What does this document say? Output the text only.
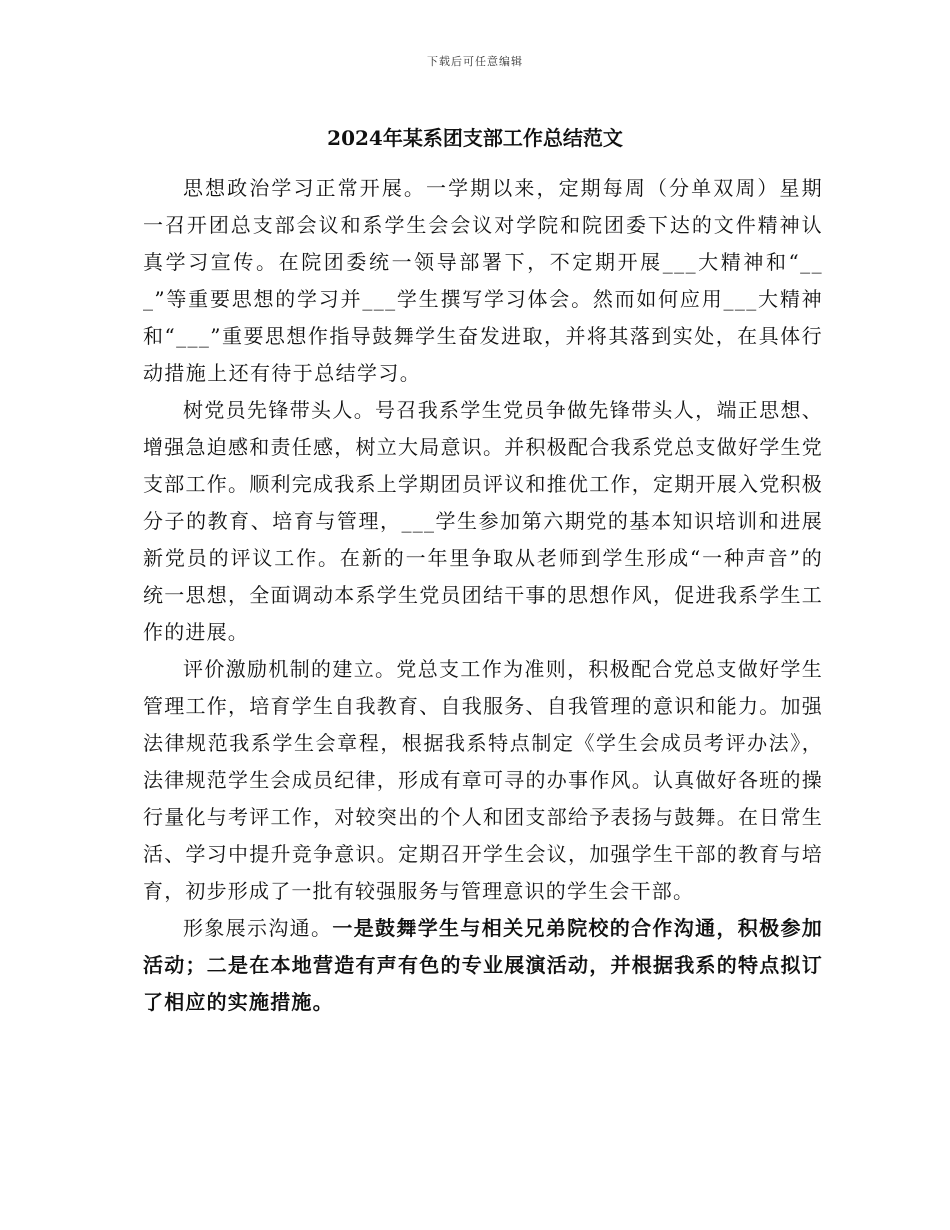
下载后可任意编辑
2024年某系团支部工作总结范文

思想政治学习正常开展。一学期以来，定期每周（分单双周）星期一召开团总支部会议和系学生会会议对学院和院团委下达的文件精神认真学习宣传。在院团委统一领导部署下，不定期开展___大精神和“___”等重要思想的学习并___学生撰写学习体会。然而如何应用___大精神和“___”重要思想作指导鼓舞学生奋发进取，并将其落到实处，在具体行动措施上还有待于总结学习。

树党员先锋带头人。号召我系学生党员争做先锋带头人，端正思想、增强急迫感和责任感，树立大局意识。并积极配合我系党总支做好学生党支部工作。顺利完成我系上学期团员评议和推优工作，定期开展入党积极分子的教育、培育与管理，___学生参加第六期党的基本知识培训和进展新党员的评议工作。在新的一年里争取从老师到学生形成“一种声音”的统一思想，全面调动本系学生党员团结干事的思想作风，促进我系学生工作的进展。

评价激励机制的建立。党总支工作为准则，积极配合党总支做好学生管理工作，培育学生自我教育、自我服务、自我管理的意识和能力。加强法律规范我系学生会章程，根据我系特点制定《学生会成员考评办法》，法律规范学生会成员纪律，形成有章可寻的办事作风。认真做好各班的操行量化与考评工作，对较突出的个人和团支部给予表扬与鼓舞。在日常生活、学习中提升竞争意识。定期召开学生会议，加强学生干部的教育与培育，初步形成了一批有较强服务与管理意识的学生会干部。

形象展示沟通。一是鼓舞学生与相关兄弟院校的合作沟通，积极参加活动；二是在本地营造有声有色的专业展演活动，并根据我系的特点拟订了相应的实施措施。
